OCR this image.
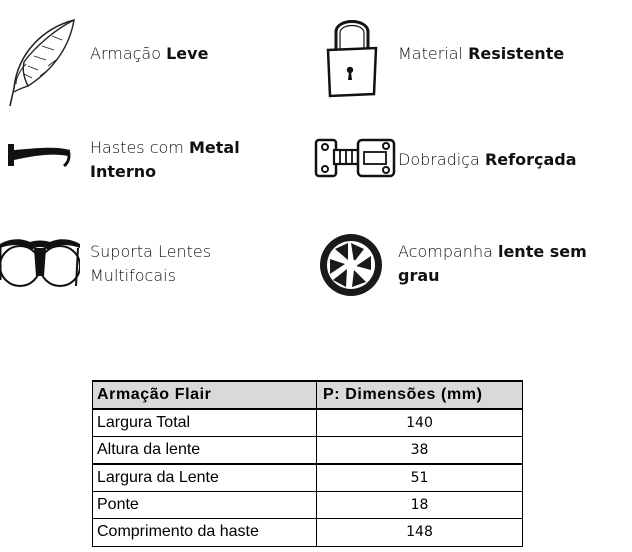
Armação Leve	Material Resistente
Hastes com Metal Interno
Dobradiça Reforçada
Suporta Lentes Multifocais
Acompanha lente sem grau
Armação Flair	P: Dimensões (mm)
Largura Total	140
Altura da lente	38
Largura da Lente	51
Ponte	18
Comprimento da haste	148
